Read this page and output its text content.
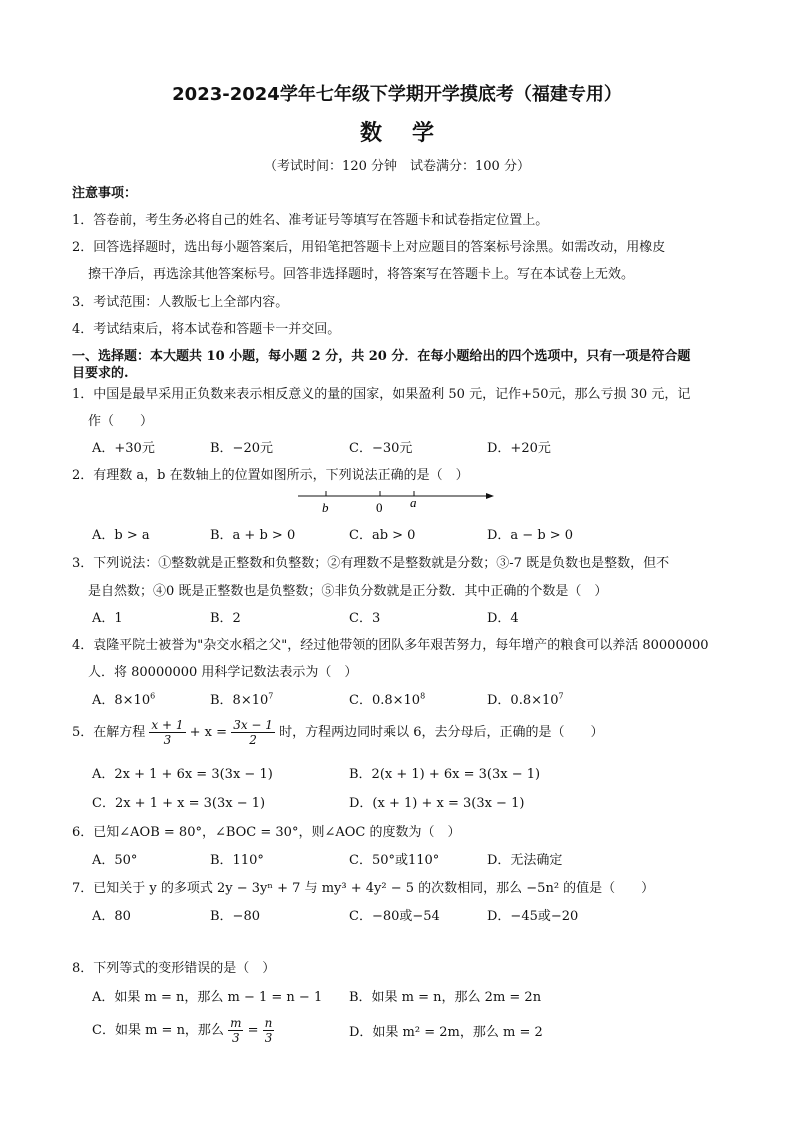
2023-2024学年七年级下学期开学摸底考（福建专用）
数学
（考试时间：120 分钟　试卷满分：100 分）
注意事项：
1．答卷前，考生务必将自己的姓名、准考证号等填写在答题卡和试卷指定位置上。
2．回答选择题时，选出每小题答案后，用铅笔把答题卡上对应题目的答案标号涂黑。如需改动，用橡皮
擦干净后，再选涂其他答案标号。回答非选择题时，将答案写在答题卡上。写在本试卷上无效。
3．考试范围：人教版七上全部内容。
4．考试结束后，将本试卷和答题卡一并交回。
一、选择题：本大题共 10 小题，每小题 2 分，共 20 分．在每小题给出的四个选项中，只有一项是符合题
目要求的.
1．中国是最早采用正负数来表示相反意义的量的国家，如果盈利 50 元，记作+50元，那么亏损 30 元，记
作（　　）
A．+30元	B．−20元	C．−30元	D．+20元
2．有理数 a，b 在数轴上的位置如图所示，下列说法正确的是（　）
b	0 a
A．b > a	B．a + b > 0	C．ab > 0	D．a − b > 0
3．下列说法：①整数就是正整数和负整数；②有理数不是整数就是分数；③-7 既是负数也是整数，但不
是自然数；④0 既是正整数也是负整数；⑤非负分数就是正分数．其中正确的个数是（　）
A．1	B．2	C．3	D．4
4．袁隆平院士被誉为"杂交水稻之父"，经过他带领的团队多年艰苦努力，每年增产的粮食可以养活 80000000
人．将 80000000 用科学记数法表示为（　）
A．$8\times 10^6$	B．$8\times 10^7$	C．$0.8\times 10^8$	D．$0.8\times 10^7$
5．在解方程 $\frac{x + 1}{3} + x = \frac{3x - 1}{2}$ 时，方程两边同时乘以 6，去分母后，正确的是（　　）
A．2x + 1 + 6x = 3(3x − 1)	B．2(x + 1) + 6x = 3(3x − 1)
C．2x + 1 + x = 3(3x − 1)	D．(x + 1) + x = 3(3x − 1)
6．已知∠AOB = 80°，∠BOC = 30°，则∠AOC 的度数为（　）
A．50°	B．110°	C．50°或110°	D．无法确定
7．已知关于 y 的多项式 2y − 3yⁿ + 7 与 my³ + 4y² − 5 的次数相同，那么 −5n² 的值是（　　）
A．80	B．−80	C．−80或−54	D．−45或−20
8．下列等式的变形错误的是（　）
A．如果 m = n，那么 m − 1 = n − 1 B．如果 m = n，那么 2m = 2n
C．如果 m = n，那么 $\frac{m}{3} = \frac{n}{3}$	D．如果 m² = 2m，那么 m = 2
